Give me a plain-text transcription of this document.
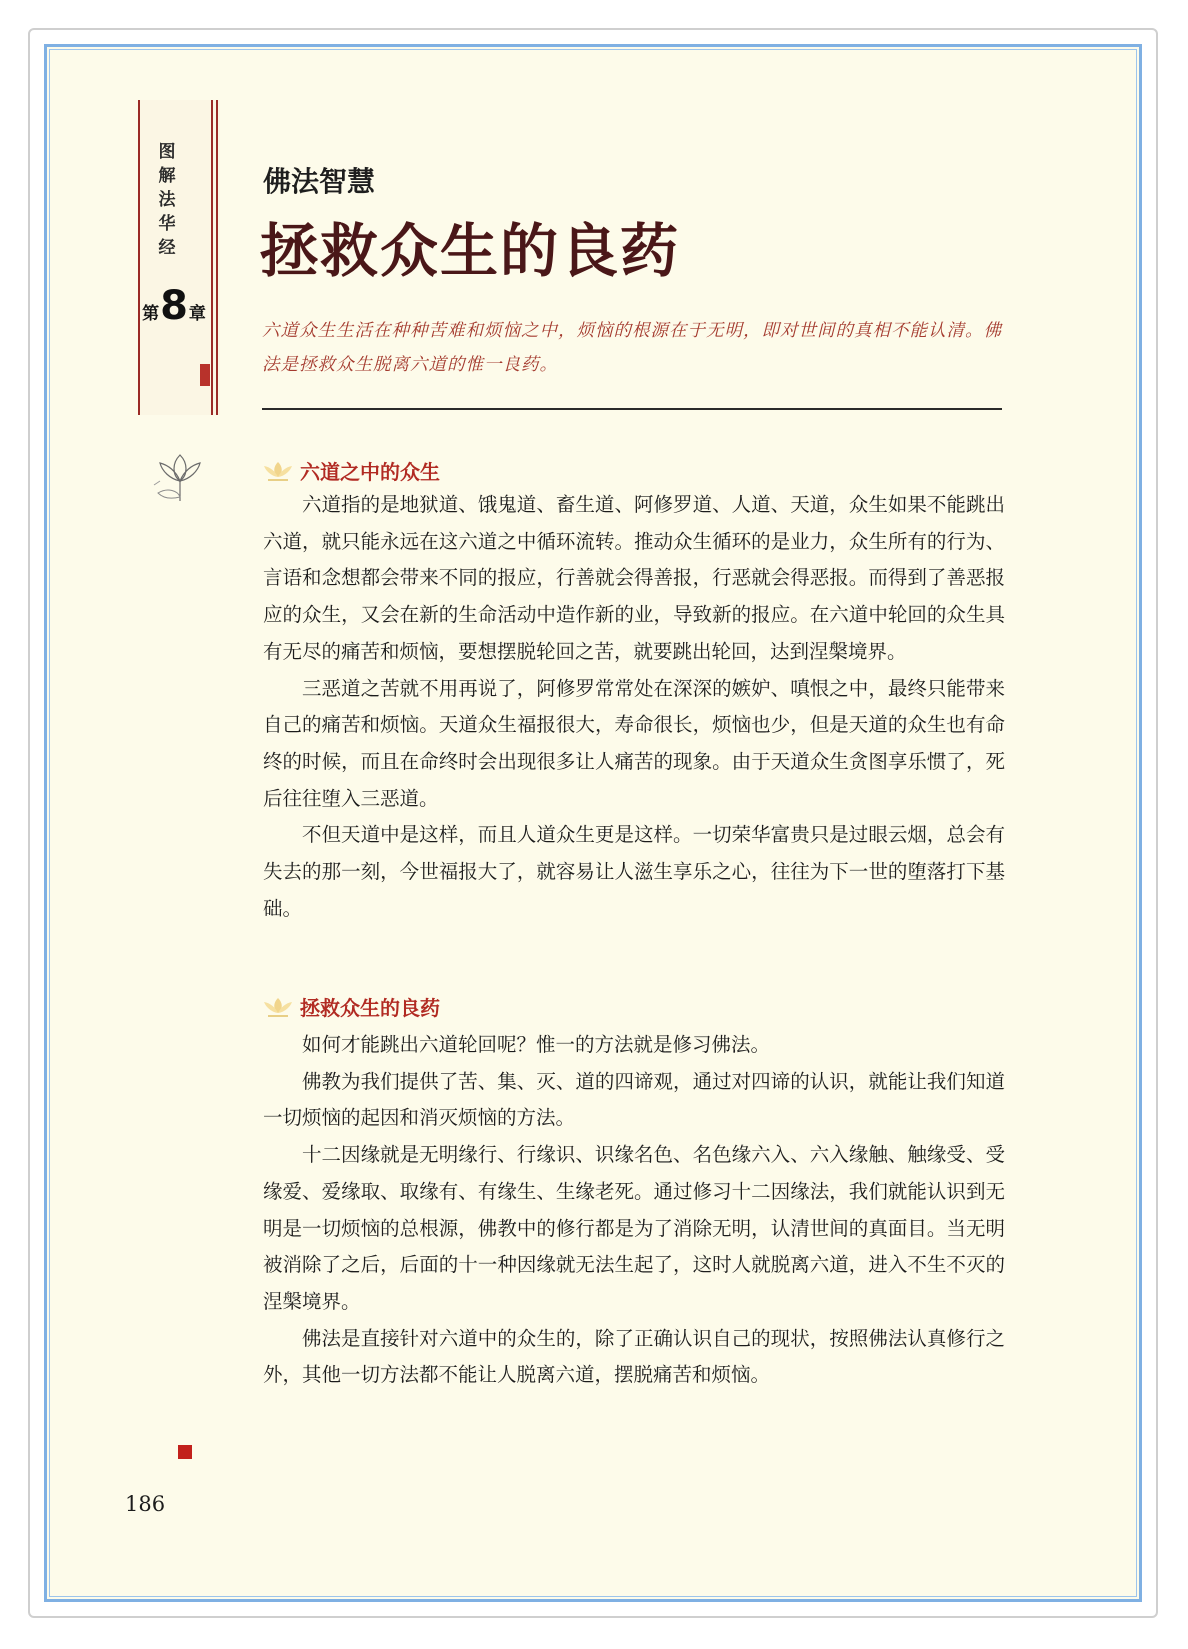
图
解
法
华
经
第 8 章
佛法智慧
拯救众生的良药
六道众生生活在种种苦难和烦恼之中，烦恼的根源在于无明，即对世间的真相不能认清。佛法是拯救众生脱离六道的惟一良药。
六道之中的众生

六道指的是地狱道、饿鬼道、畜生道、阿修罗道、人道、天道，众生如果不能跳出六道，就只能永远在这六道之中循环流转。推动众生循环的是业力，众生所有的行为、言语和念想都会带来不同的报应，行善就会得善报，行恶就会得恶报。而得到了善恶报应的众生，又会在新的生命活动中造作新的业，导致新的报应。在六道中轮回的众生具有无尽的痛苦和烦恼，要想摆脱轮回之苦，就要跳出轮回，达到涅槃境界。

三恶道之苦就不用再说了，阿修罗常常处在深深的嫉妒、嗔恨之中，最终只能带来自己的痛苦和烦恼。天道众生福报很大，寿命很长，烦恼也少，但是天道的众生也有命终的时候，而且在命终时会出现很多让人痛苦的现象。由于天道众生贪图享乐惯了，死后往往堕入三恶道。

不但天道中是这样，而且人道众生更是这样。一切荣华富贵只是过眼云烟，总会有失去的那一刻，今世福报大了，就容易让人滋生享乐之心，往往为下一世的堕落打下基础。

拯救众生的良药

如何才能跳出六道轮回呢？惟一的方法就是修习佛法。

佛教为我们提供了苦、集、灭、道的四谛观，通过对四谛的认识，就能让我们知道一切烦恼的起因和消灭烦恼的方法。

十二因缘就是无明缘行、行缘识、识缘名色、名色缘六入、六入缘触、触缘受、受缘爱、爱缘取、取缘有、有缘生、生缘老死。通过修习十二因缘法，我们就能认识到无明是一切烦恼的总根源，佛教中的修行都是为了消除无明，认清世间的真面目。当无明被消除了之后，后面的十一种因缘就无法生起了，这时人就脱离六道，进入不生不灭的涅槃境界。

佛法是直接针对六道中的众生的，除了正确认识自己的现状，按照佛法认真修行之外，其他一切方法都不能让人脱离六道，摆脱痛苦和烦恼。

186
